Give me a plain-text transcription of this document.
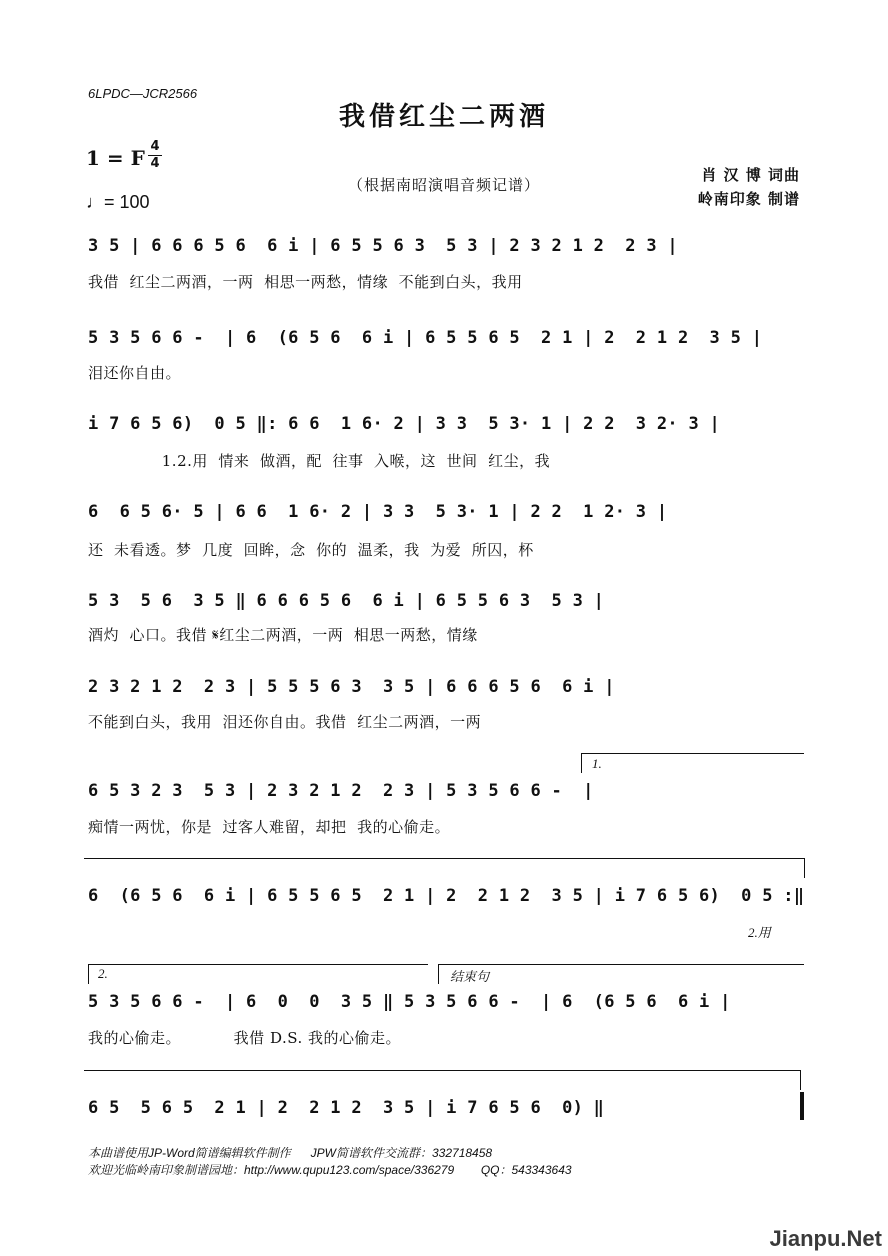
6LPDC—JCR2566
我借红尘二两酒
1 = F 4
4
♩= 100
（根据南昭演唱音频记谱）
肖 汉 博 词曲
岭南印象 制谱
3 5 | 6 6 6 5 6  6 i | 6 5 5 6 3  5 3 | 2 3 2 1 2  2 3 |
我借  红尘二两酒，一两  相思一两愁，情缘  不能到白头，我用
5 3 5 6 6 -  | 6  (6 5 6  6 i | 6 5 5 6 5  2 1 | 2  2 1 2  3 5 |
泪还你自由。
i 7 6 5 6)  0 5 ‖: 6 6  1 6· 2 | 3 3  5 3· 1 | 2 2  3 2· 3 |
1.2.用  情来  做酒，配  往事  入喉，这  世间  红尘，我
6  6 5 6· 5 | 6 6  1 6· 2 | 3 3  5 3· 1 | 2 2  1 2· 3 |
还  未看透。梦  几度  回眸，念  你的  温柔，我  为爱  所囚，杯
5 3  5 6  3 5 ‖ 6 6 6 5 6  6 i | 6 5 5 6 3  5 3 |
酒灼  心口。我借 𝄋红尘二两酒，一两  相思一两愁，情缘
2 3 2 1 2  2 3 | 5 5 5 6 3  3 5 | 6 6 6 5 6  6 i |
不能到白头，我用  泪还你自由。我借  红尘二两酒，一两
1.
6 5 3 2 3  5 3 | 2 3 2 1 2  2 3 | 5 3 5 6 6 -  |
痴情一两忧，你是  过客人难留，却把  我的心偷走。
6  (6 5 6  6 i | 6 5 5 6 5  2 1 | 2  2 1 2  3 5 | i 7 6 5 6)  0 5 :‖
2.用
2.	结束句
5 3 5 6 6 -  | 6  0  0  3 5 ‖ 5 3 5 6 6 -  | 6  (6 5 6  6 i |
我的心偷走。          我借 D.S. 我的心偷走。
6 5  5 6 5  2 1 | 2  2 1 2  3 5 | i 7 6 5 6  0) ‖
本曲谱使用JP-Word简谱编辑软件制作      JPW简谱软件交流群：332718458
欢迎光临岭南印象制谱园地：http://www.qupu123.com/space/336279        QQ：543343643
Jianpu.Net
